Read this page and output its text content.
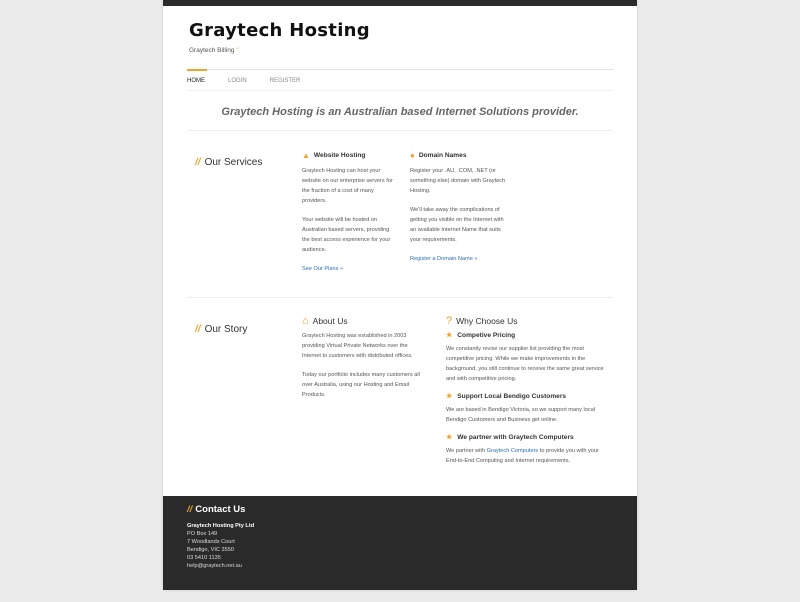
Graytech Hosting
Graytech Billing "
HOME	LOGIN	REGISTER
Graytech Hosting is an Australian based Internet Solutions provider.
// Our Services
▲ Website Hosting
Graytech Hosting can host your website on our enterprise servers for the fraction of a cost of many providers.
Your website will be hosted on Australian based servers, providing the best access experience for your audience.
See Our Plans »
● Domain Names
Register your .AU, .COM, .NET (or something else) domain with Graytech Hosting.
We'll take away the complications of getting you visible on the Internet with an available Internet Name that suits your requirements.
Register a Domain Name »
// Our Story
⌂ About Us
Graytech Hosting was established in 2003 providing Virtual Private Networks over the Internet to customers with distributed offices.
Today our portfolio includes many customers all over Australia, using our Hosting and Email Products.
? Why Choose Us
★ Competive Pricing
We constantly revise our supplier list providing the most competitive pricing. While we make improvements in the background, you still continue to receive the same great service and with competitive pricing.
★ Support Local Bendigo Customers
We are based in Bendigo Victoria, so we support many local Bendigo Customers and Business get online.
★ We partner with Graytech Computers
We partner with Graytech Computers to provide you with your End-to-End Computing and Internet requirements.
// Contact Us
Graytech Hosting Pty Ltd
PO Box 149
7 Woodlands Court
Bendigo, VIC 3550
03 5410 1135
help@graytech.net.au
